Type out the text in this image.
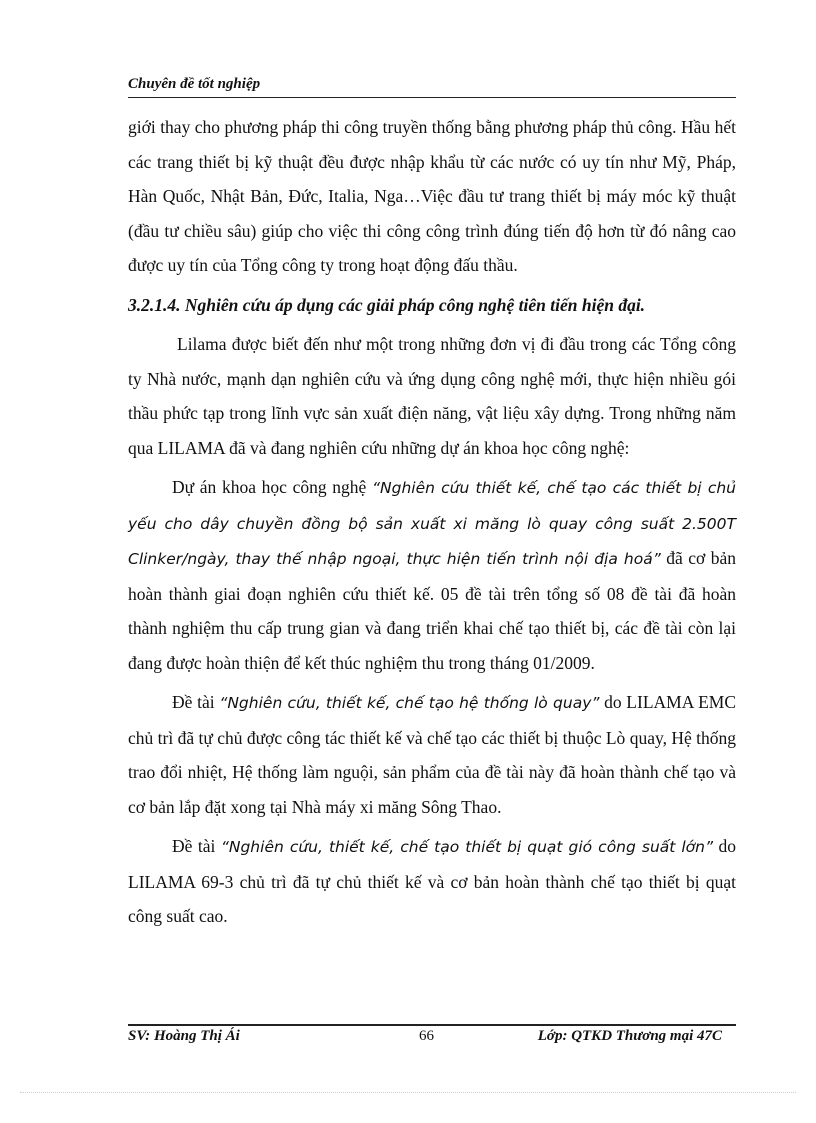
Chuyên đề tốt nghiệp

giới thay cho phương pháp thi công truyền thống bằng phương pháp thủ công. Hầu hết các trang thiết bị kỹ thuật đều được nhập khẩu từ các nước có uy tín như Mỹ, Pháp, Hàn Quốc, Nhật Bản, Đức, Italia, Nga…Việc đầu tư trang thiết bị máy móc kỹ thuật (đầu tư chiều sâu) giúp cho việc thi công công trình đúng tiến độ hơn từ đó nâng cao được uy tín của Tổng công ty trong hoạt động đấu thầu.

3.2.1.4. Nghiên cứu áp dụng các giải pháp công nghệ tiên tiến hiện đại.

Lilama được biết đến như một trong những đơn vị đi đầu trong các Tổng công ty Nhà nước, mạnh dạn nghiên cứu và ứng dụng công nghệ mới, thực hiện nhiều gói thầu phức tạp trong lĩnh vực sản xuất điện năng, vật liệu xây dựng. Trong những năm qua LILAMA đã và đang nghiên cứu những dự án khoa học công nghệ:

Dự án khoa học công nghệ “Nghiên cứu thiết kế, chế tạo các thiết bị chủ yếu cho dây chuyền đồng bộ sản xuất xi măng lò quay công suất 2.500T Clinker/ngày, thay thế nhập ngoại, thực hiện tiến trình nội địa hoá” đã cơ bản hoàn thành giai đoạn nghiên cứu thiết kế. 05 đề tài trên tổng số 08 đề tài đã hoàn thành nghiệm thu cấp trung gian và đang triển khai chế tạo thiết bị, các đề tài còn lại đang được hoàn thiện để kết thúc nghiệm thu trong tháng 01/2009.

Đề tài “Nghiên cứu, thiết kế, chế tạo hệ thống lò quay” do LILAMA EMC chủ trì đã tự chủ được công tác thiết kế và chế tạo các thiết bị thuộc Lò quay, Hệ thống trao đổi nhiệt, Hệ thống làm nguội, sản phẩm của đề tài này đã hoàn thành chế tạo và cơ bản lắp đặt xong tại Nhà máy xi măng Sông Thao.

Đề tài “Nghiên cứu, thiết kế, chế tạo thiết bị quạt gió công suất lớn” do LILAMA 69-3 chủ trì đã tự chủ thiết kế và cơ bản hoàn thành chế tạo thiết bị quạt công suất cao.

SV: Hoàng Thị Ái	66	Lớp: QTKD Thương mại 47C
